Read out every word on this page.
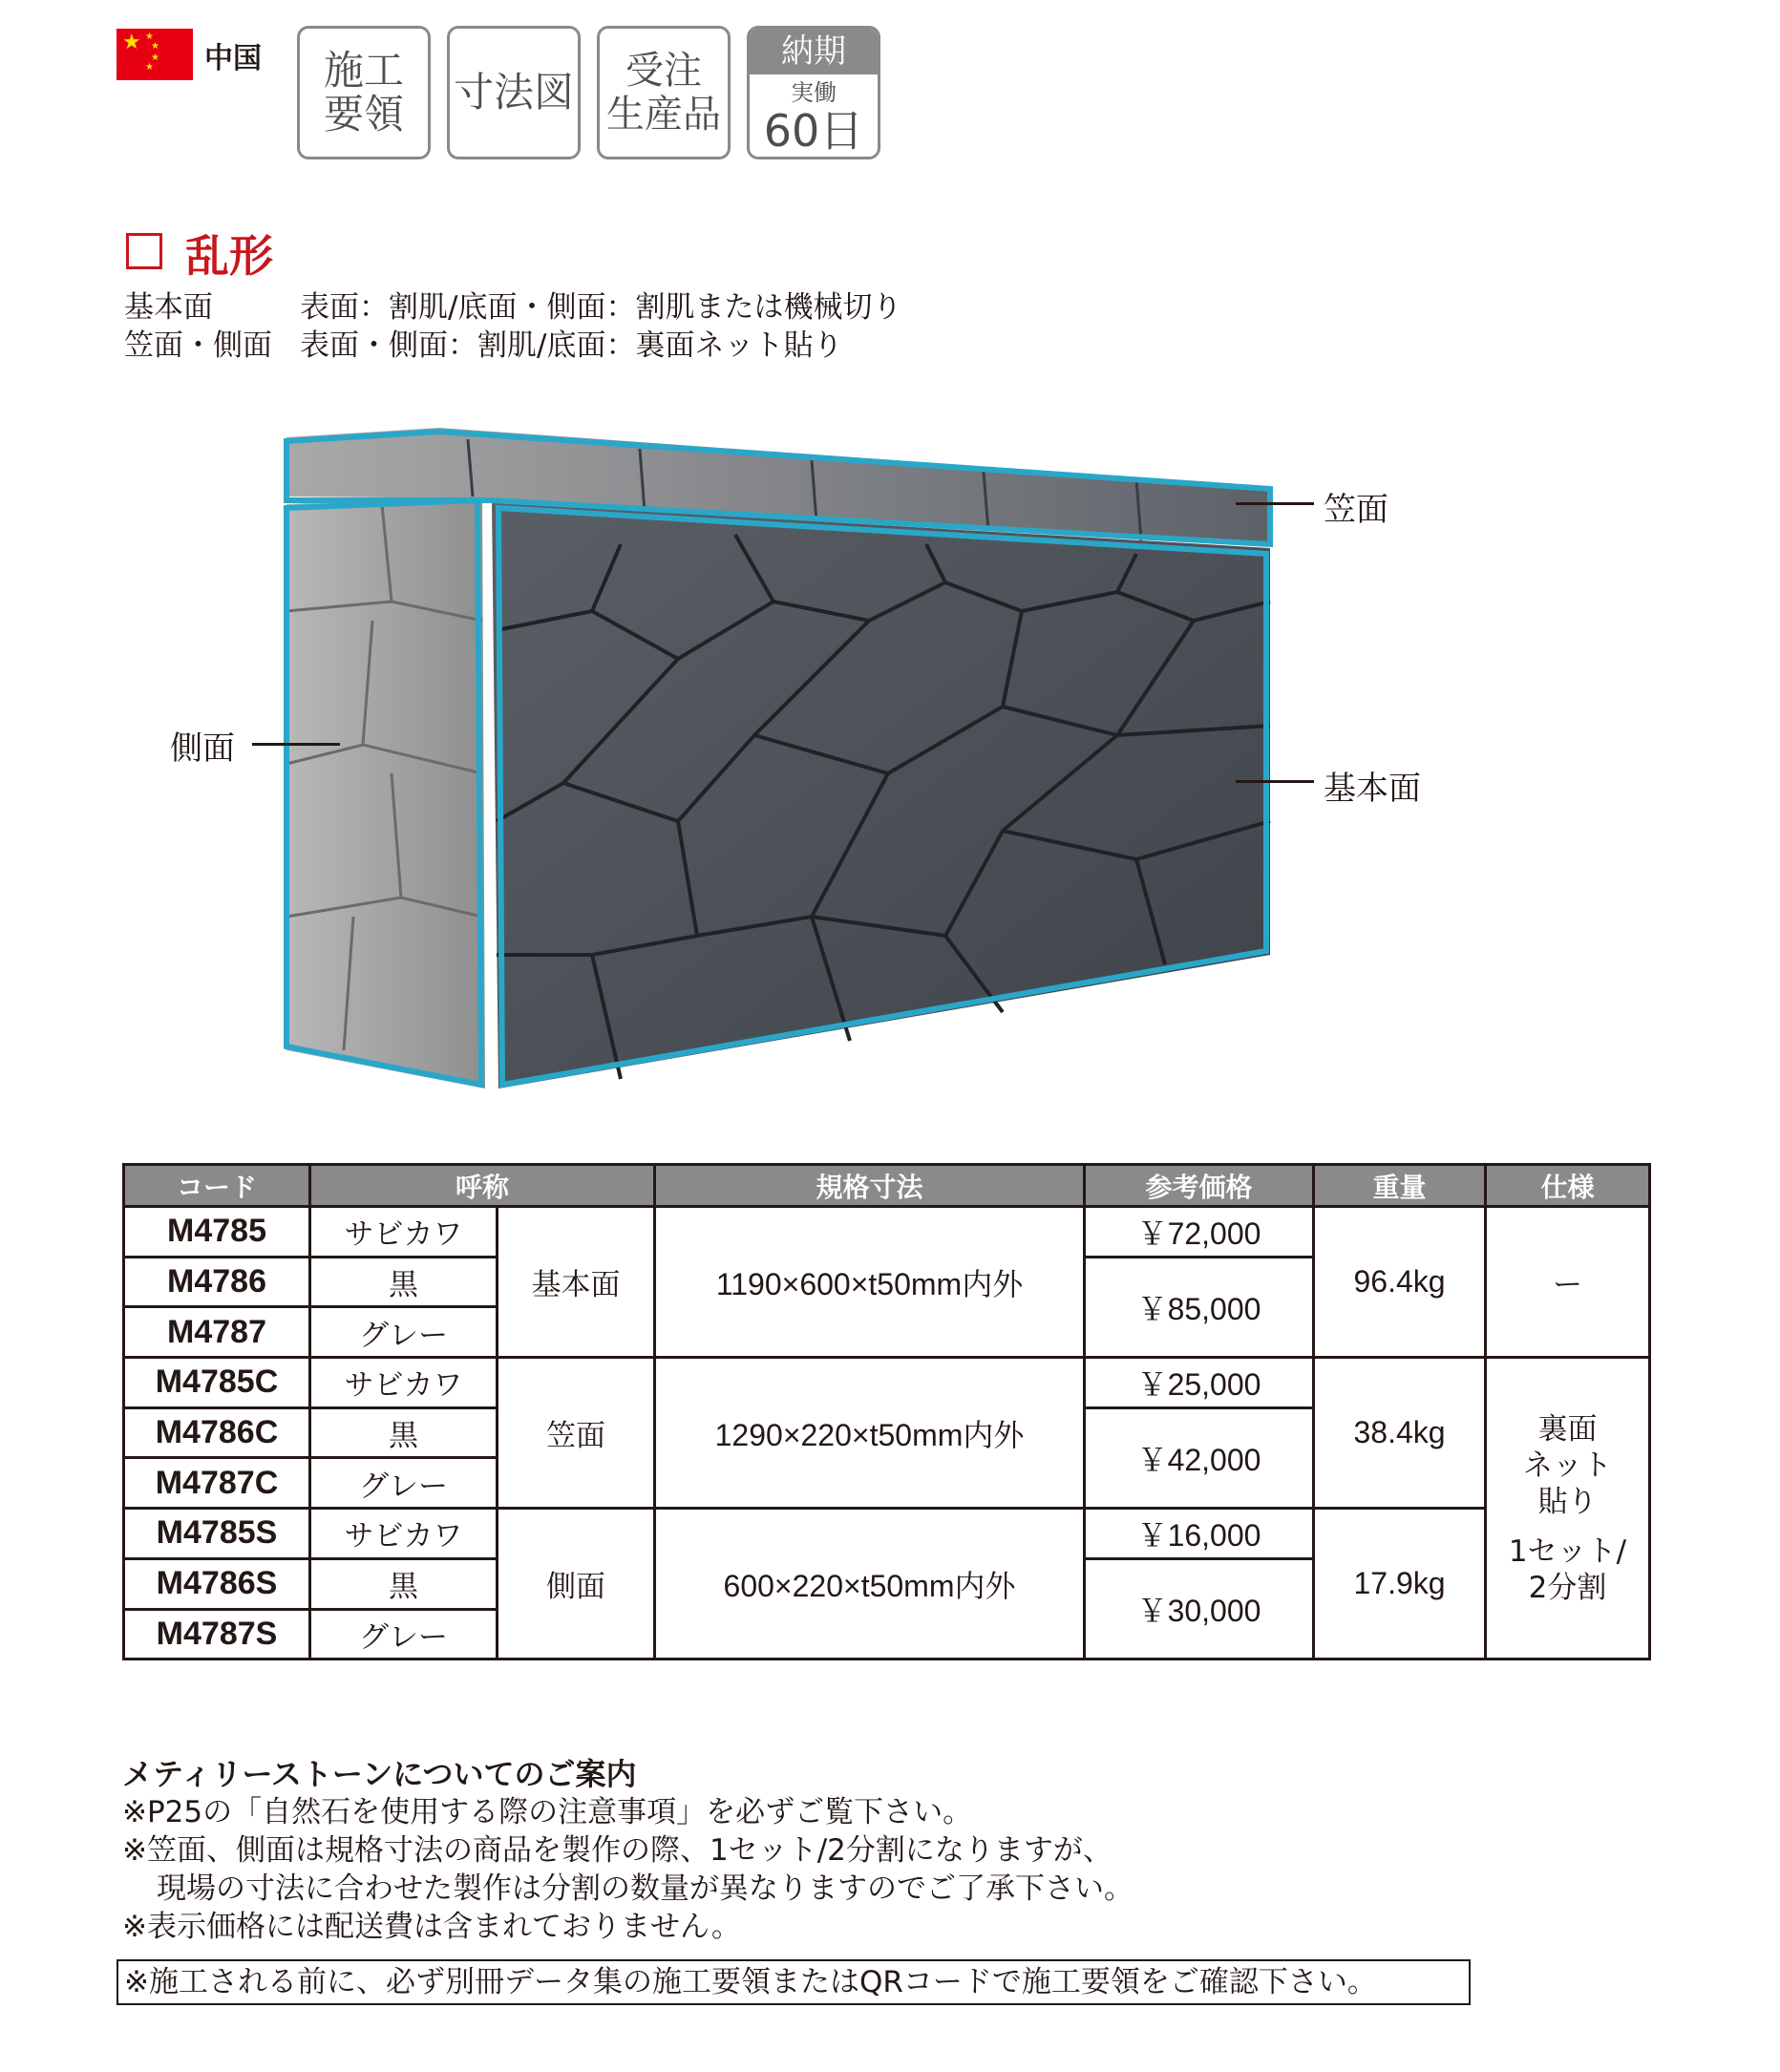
★ ★
★
★
★ 中国 施工
要領 寸法図	受注
生産品
納期
実働
60日
乱形
基本面	表面：割肌/底面・側面：割肌または機械切り
笠面・側面 表面・側面：割肌/底面：裏面ネット貼り
笠面
側面
基本面
コード	呼称		規格寸法	参考価格	重量	仕様
M4785	サビカワ	基本面	1190×600×t50mm内外	￥72,000	96.4kg	ー
M4786	黒			￥85,000		
M4787	グレー					
M4785C	サビカワ	笠面	1290×220×t50mm内外	￥25,000	38.4kg	裏面
ネット
貼り
1セット/
2分割

M4786C	黒			￥42,000		
M4787C	グレー					
M4785S	サビカワ	側面	600×220×t50mm内外	￥16,000	17.9kg	
M4786S	黒			￥30,000		
M4787S	グレー					
メティリーストーンについてのご案内
※P25の「自然石を使用する際の注意事項」を必ずご覧下さい。
※笠面、側面は規格寸法の商品を製作の際、1セット/2分割になりますが、
現場の寸法に合わせた製作は分割の数量が異なりますのでご了承下さい。
※表示価格には配送費は含まれておりません。
※施工される前に、必ず別冊データ集の施工要領またはQRコードで施工要領をご確認下さい。
